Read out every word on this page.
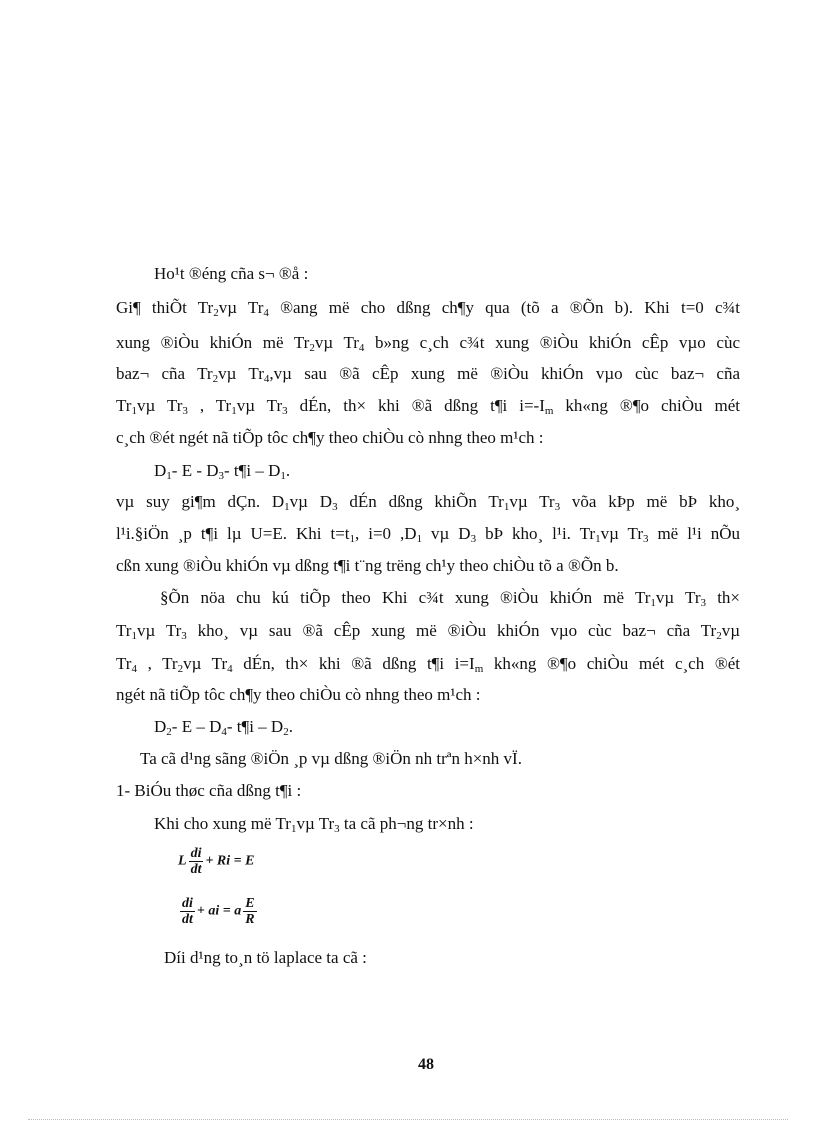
Ho¹t ®éng cña s¬ ®å :
Gi¶ thiÕt $Tr_2v\mu$ $Tr_4$ ®ang më cho dßng ch¶y qua (tõ a ®Õn b). Khi t=0 c¾t
xung ®iÒu khiÓn më $Tr_2v\mu$ $Tr_4$ b»ng c¸ch c¾t xung ®iÒu khiÓn cÊp vµo cùc
baz¬ cña $Tr_2v\mu$ $Tr_4,v\mu$ sau ®ã cÊp xung më ®iÒu khiÓn vµo cùc baz¬ cña
$Tr_1v\mu$ $Tr_3$ , $Tr_1v\mu$ $Tr_3$ dÉn, th× khi ®ã dßng t¶i $i=-I_m$ kh«ng ®¶o chiÒu mét
c¸ch ®ét ngét nã tiÕp tôc ch¶y theo chiÒu cò nhng theo m¹ch :
$D_1-$ E - $D_3-$ t¶i – $D_1$.
vµ suy gi¶m dÇn. $D_1v\mu$ $D_3$ dÉn dßng khiÕn $Tr_1v\mu$ $Tr_3$ võa kÞp më bÞ kho¸
l¹i.§iÖn ¸p t¶i lµ U=E. Khi $t=t_1$, i=0 $,D_1$ vµ $D_3$ bÞ kho¸ l¹i. $Tr_1v\mu$ $Tr_3$ më l¹i nÕu
cßn xung ®iÒu khiÓn vµ dßng t¶i t¨ng trëng ch¹y theo chiÒu tõ a ®Õn b.
§Õn nöa chu kú tiÕp theo Khi c¾t xung ®iÒu khiÓn më $Tr_1v\mu$ $Tr_3$ th×
$Tr_1v\mu$ $Tr_3$ kho¸ vµ sau ®ã cÊp xung më ®iÒu khiÓn vµo cùc baz¬ cña $Tr_2v\mu$
$Tr_4$ , $Tr_2v\mu$ $Tr_4$ dÉn, th× khi ®ã dßng t¶i $i=I_m$ kh«ng ®¶o chiÒu mét c¸ch ®ét
ngét nã tiÕp tôc ch¶y theo chiÒu cò nhng theo m¹ch :
$D_2-$ E – $D_4-$ t¶i – $D_2$.
Ta cã d¹ng sãng ®iÖn ¸p vµ dßng ®iÖn nh trªn h×nh vÏ.
1- BiÓu thøc cña dßng t¶i :
Khi cho xung më $Tr_1v\mu$ $Tr_3$ ta cã ph¬ng tr×nh :
L $\frac{di}{dt} + Ri = E$
$\frac{di}{dt}$ + ai = a $\frac{E}{R}$
Díi d¹ng to¸n tö laplace ta cã :
48
